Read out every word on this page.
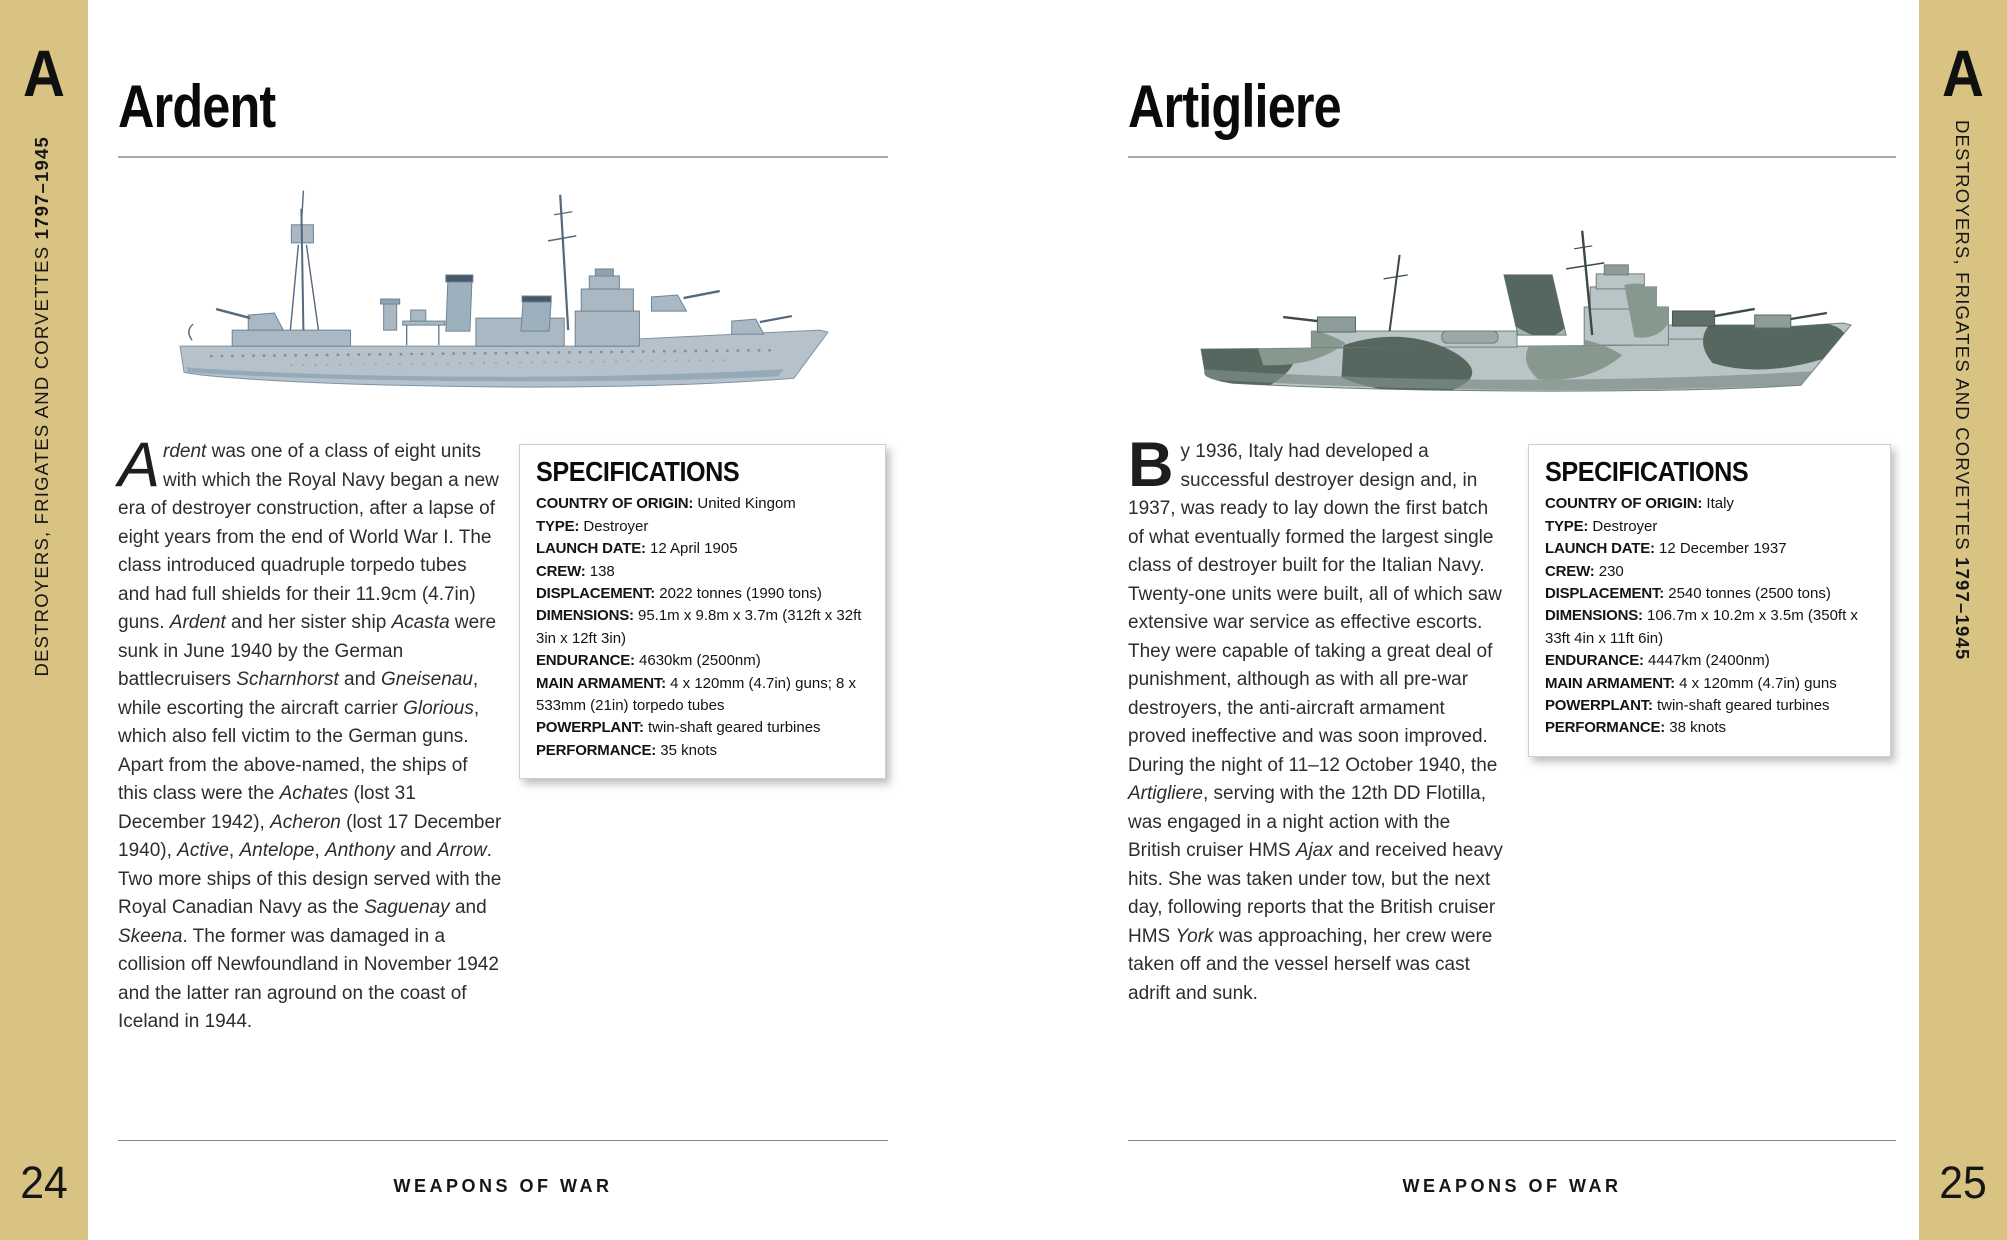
A	A
DESTROYERS, FRIGATES AND CORVETTES 1797–1945	DESTROYERS, FRIGATES AND CORVETTES 1797–1945
24	25
Ardent	Artigliere
Ardent was one of a class of eight units with which the Royal Navy began a new era of destroyer construction, after a lapse of eight years from the end of World War I. The class introduced quadruple torpedo tubes and had full shields for their 11.9cm (4.7in) guns. Ardent and her sister ship Acasta were sunk in June 1940 by the German battlecruisers Scharnhorst and Gneisenau, while escorting the aircraft carrier Glorious, which also fell victim to the German guns. Apart from the above-named, the ships of this class were the Achates (lost 31 December 1942), Acheron (lost 17 December 1940), Active, Antelope, Anthony and Arrow. Two more ships of this design served with the Royal Canadian Navy as the Saguenay and Skeena. The former was damaged in a collision off Newfoundland in November 1942 and the latter ran aground on the coast of Iceland in 1944.
By 1936, Italy had developed a successful destroyer design and, in 1937, was ready to lay down the first batch of what eventually formed the largest single class of destroyer built for the Italian Navy. Twenty-one units were built, all of which saw extensive war service as effective escorts. They were capable of taking a great deal of punishment, although as with all pre-war destroyers, the anti-aircraft armament proved ineffective and was soon improved. During the night of 11–12 October 1940, the Artigliere, serving with the 12th DD Flotilla, was engaged in a night action with the British cruiser HMS Ajax and received heavy hits. She was taken under tow, but the next day, following reports that the British cruiser HMS York was approaching, her crew were taken off and the vessel herself was cast adrift and sunk.
SPECIFICATIONS
COUNTRY OF ORIGIN: United Kingom
TYPE: Destroyer
LAUNCH DATE: 12 April 1905
CREW: 138
DISPLACEMENT: 2022 tonnes (1990 tons)
DIMENSIONS: 95.1m x 9.8m x 3.7m (312ft x 32ft 3in x 12ft 3in)
ENDURANCE: 4630km (2500nm)
MAIN ARMAMENT: 4 x 120mm (4.7in) guns; 8 x 533mm (21in) torpedo tubes
POWERPLANT: twin-shaft geared turbines
PERFORMANCE: 35 knots
SPECIFICATIONS
COUNTRY OF ORIGIN: Italy
TYPE: Destroyer
LAUNCH DATE: 12 December 1937
CREW: 230
DISPLACEMENT: 2540 tonnes (2500 tons)
DIMENSIONS: 106.7m x 10.2m x 3.5m (350ft x 33ft 4in x 11ft 6in)
ENDURANCE: 4447km (2400nm)
MAIN ARMAMENT: 4 x 120mm (4.7in) guns
POWERPLANT: twin-shaft geared turbines
PERFORMANCE: 38 knots
WEAPONS OF WAR	WEAPONS OF WAR
